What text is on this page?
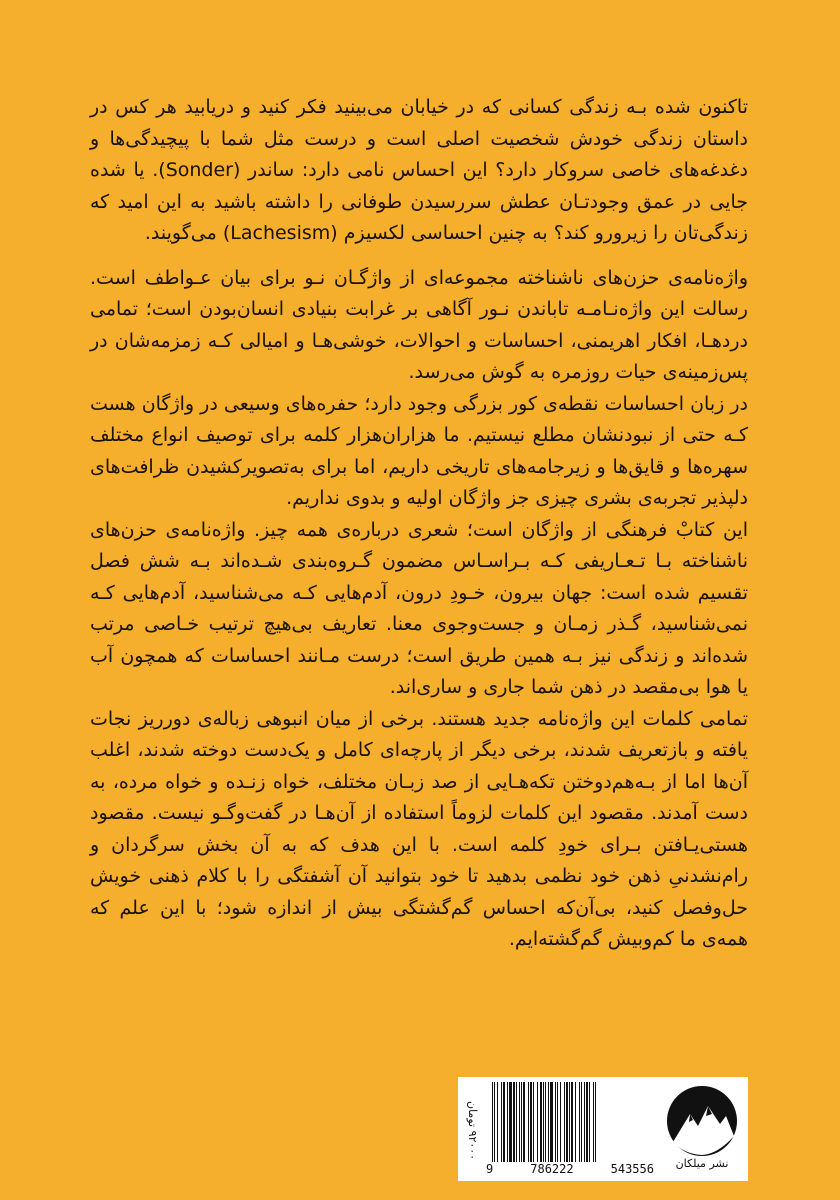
تاکنون شده بـه زندگی کسانی که در خیابان می‌بینید فکر کنید و دریابید هر کس در داستان زندگی خودش شخصیت اصلی است و درست مثل شما با پیچیدگی‌ها و دغدغه‌های خاصی سروکار دارد؟ این احساس نامی دارد: ساندر (Sonder). یا شده جایی در عمق وجودتـان عطش سررسیدن طوفانی را داشته باشید به این امید که زندگی‌تان را زیرورو کند؟ به چنین احساسی لکسیزم (Lachesism) می‌گویند.

واژه‌نامه‌ی حزن‌های ناشناخته مجموعه‌ای از واژگـان نـو برای بیان عـواطف است. رسالت این واژه‌نـامـه تاباندن نـور آگاهی بر غرابت بنیادی انسان‌بودن است؛ تمامی دردهـا، افکار اهریمنی، احساسات و احوالات، خوشی‌هـا و امیالی کـه زمزمه‌شان در پس‌زمینه‌ی حیات روزمره به گوش می‌رسد.

در زبان احساسات نقطه‌ی کور بزرگی وجود دارد؛ حفره‌های وسیعی در واژگان هست کـه حتی از نبودنشان مطلع نیستیم. ما هزاران‌هزار کلمه برای توصیف انواع مختلف سهره‌ها و قایق‌ها و زیرجامه‌های تاریخی داریم، اما برای به‌تصویرکشیدن ظرافت‌های دلپذیر تجربه‌ی بشری چیزی جز واژگان اولیه و بدوی نداریم.

این کتابْ فرهنگی از واژگان است؛ شعری درباره‌ی همه چیز. واژه‌نامه‌ی حزن‌های ناشناخته بـا تـعـاریفی کـه بـراسـاس مضمون گـروه‌بندی شـده‌اند بـه شش فصل تقسیم شده است: جهان بیرون، خـودِ درون، آدم‌هایی کـه می‌شناسید، آدم‌هایی کـه نمی‌شناسید، گـذر زمـان و جست‌وجوی معنا. تعاریف بی‌هیچ ترتیب خـاصی مرتب شده‌اند و زندگی نیز بـه همین طریق است؛ درست مـانند احساسات که همچون آب یا هوا بی‌مقصد در ذهن شما جاری و ساری‌اند.

تمامی کلمات این واژه‌نامه جدید هستند. برخی از میان انبوهی زباله‌ی دورریز نجات یافته و بازتعریف شدند، برخی دیگر از پارچه‌ای کامل و یک‌دست دوخته شدند، اغلب آن‌ها اما از بـه‌هم‌دوختن تکه‌هـایی از صد زبـان مختلف، خواه زنـده و خواه مرده، به دست آمدند. مقصود این کلمات لزوماً استفاده از آن‌هـا در گفت‌وگـو نیست. مقصود هستی‌یـافتن بـرای خودِ کلمه است. با این هدف که به آن بخش سرگردان و رام‌نشدنیِ ذهن خود نظمی بدهید تا خود بتوانید آن آشفتگی را با کلام ذهنی خویش حل‌وفصل کنید، بی‌آن‌که احساس گم‌گشتگی بیش از اندازه شود؛ با این علم که همه‌ی ما کم‌وبیش گم‌گشته‌ایم.

۹۲۰۰۰ تومان
9	786222	543556	نشر میلکان
